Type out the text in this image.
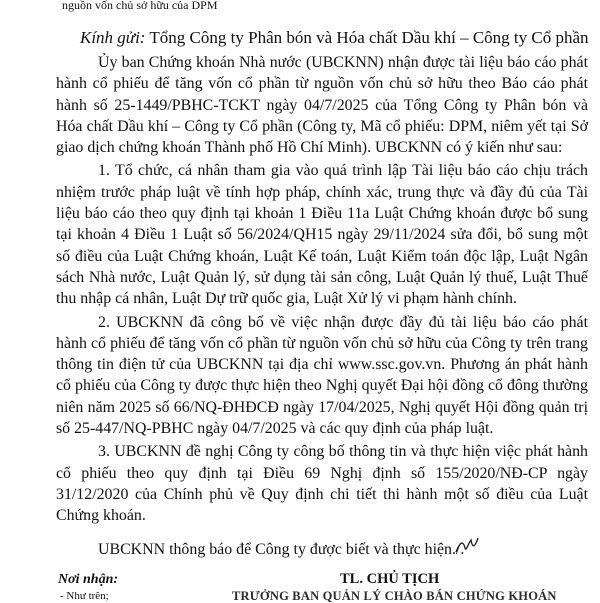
nguồn vốn chủ sở hữu của DPM
Kính gửi: Tổng Công ty Phân bón và Hóa chất Dầu khí – Công ty Cổ phần

Ủy ban Chứng khoán Nhà nước (UBCKNN) nhận được tài liệu báo cáo phát hành cổ phiếu để tăng vốn cổ phần từ nguồn vốn chủ sở hữu theo Báo cáo phát hành số 25-1449/PBHC-TCKT ngày 04/7/2025 của Tổng Công ty Phân bón và Hóa chất Dầu khí – Công ty Cổ phần (Công ty, Mã cổ phiếu: DPM, niêm yết tại Sở giao dịch chứng khoán Thành phố Hồ Chí Minh). UBCKNN có ý kiến như sau:

1. Tổ chức, cá nhân tham gia vào quá trình lập Tài liệu báo cáo chịu trách nhiệm trước pháp luật về tính hợp pháp, chính xác, trung thực và đầy đủ của Tài liệu báo cáo theo quy định tại khoản 1 Điều 11a Luật Chứng khoán được bổ sung tại khoản 4 Điều 1 Luật số 56/2024/QH15 ngày 29/11/2024 sửa đổi, bổ sung một số điều của Luật Chứng khoán, Luật Kế toán, Luật Kiểm toán độc lập, Luật Ngân sách Nhà nước, Luật Quản lý, sử dụng tài sản công, Luật Quản lý thuế, Luật Thuế thu nhập cá nhân, Luật Dự trữ quốc gia, Luật Xử lý vi phạm hành chính.

2. UBCKNN đã công bố về việc nhận được đầy đủ tài liệu báo cáo phát hành cổ phiếu để tăng vốn cổ phần từ nguồn vốn chủ sở hữu của Công ty trên trang thông tin điện tử của UBCKNN tại địa chỉ www.ssc.gov.vn. Phương án phát hành cổ phiếu của Công ty được thực hiện theo Nghị quyết Đại hội đồng cổ đông thường niên năm 2025 số 66/NQ-ĐHĐCĐ ngày 17/04/2025, Nghị quyết Hội đồng quản trị số 25-447/NQ-PBHC ngày 04/7/2025 và các quy định của pháp luật.

3. UBCKNN đề nghị Công ty công bố thông tin và thực hiện việc phát hành cổ phiếu theo quy định tại Điều 69 Nghị định số 155/2020/NĐ-CP ngày 31/12/2020 của Chính phủ về Quy định chi tiết thi hành một số điều của Luật Chứng khoán.

UBCKNN thông báo để Công ty được biết và thực hiện./.
Nơi nhận:
- Như trên;
TL. CHỦ TỊCH
TRƯỞNG BAN QUẢN LÝ CHÀO BÁN CHỨNG KHOÁN
